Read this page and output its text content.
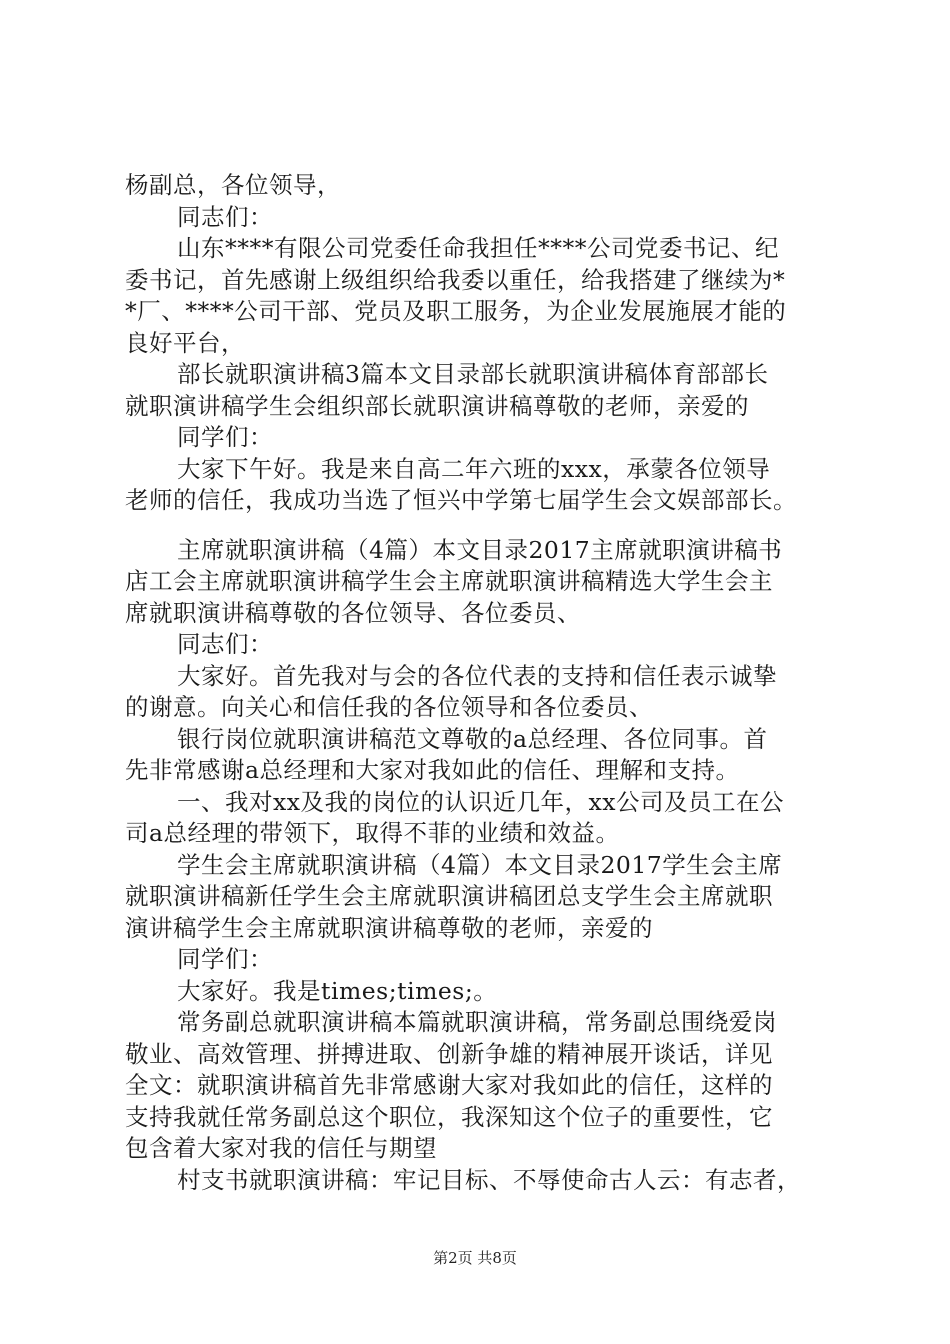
杨副总，各位领导，
同志们：
山东****有限公司党委任命我担任****公司党委书记、纪
委书记，首先感谢上级组织给我委以重任，给我搭建了继续为*
*厂、****公司干部、党员及职工服务，为企业发展施展才能的
良好平台，
部长就职演讲稿3篇本文目录部长就职演讲稿体育部部长
就职演讲稿学生会组织部长就职演讲稿尊敬的老师，亲爱的
同学们：
大家下午好。我是来自高二年六班的xxx，承蒙各位领导
老师的信任，我成功当选了恒兴中学第七届学生会文娱部部长。
主席就职演讲稿（4篇）本文目录2017主席就职演讲稿书
店工会主席就职演讲稿学生会主席就职演讲稿精选大学生会主
席就职演讲稿尊敬的各位领导、各位委员、
同志们：
大家好。首先我对与会的各位代表的支持和信任表示诚挚
的谢意。向关心和信任我的各位领导和各位委员、
银行岗位就职演讲稿范文尊敬的a总经理、各位同事。首
先非常感谢a总经理和大家对我如此的信任、理解和支持。
一、我对xx及我的岗位的认识近几年，xx公司及员工在公
司a总经理的带领下，取得不菲的业绩和效益。
学生会主席就职演讲稿（4篇）本文目录2017学生会主席
就职演讲稿新任学生会主席就职演讲稿团总支学生会主席就职
演讲稿学生会主席就职演讲稿尊敬的老师，亲爱的
同学们：
大家好。我是times;times;。
常务副总就职演讲稿本篇就职演讲稿，常务副总围绕爱岗
敬业、高效管理、拼搏进取、创新争雄的精神展开谈话，详见
全文：就职演讲稿首先非常感谢大家对我如此的信任，这样的
支持我就任常务副总这个职位，我深知这个位子的重要性，它
包含着大家对我的信任与期望
村支书就职演讲稿：牢记目标、不辱使命古人云：有志者，
第2页 共8页
